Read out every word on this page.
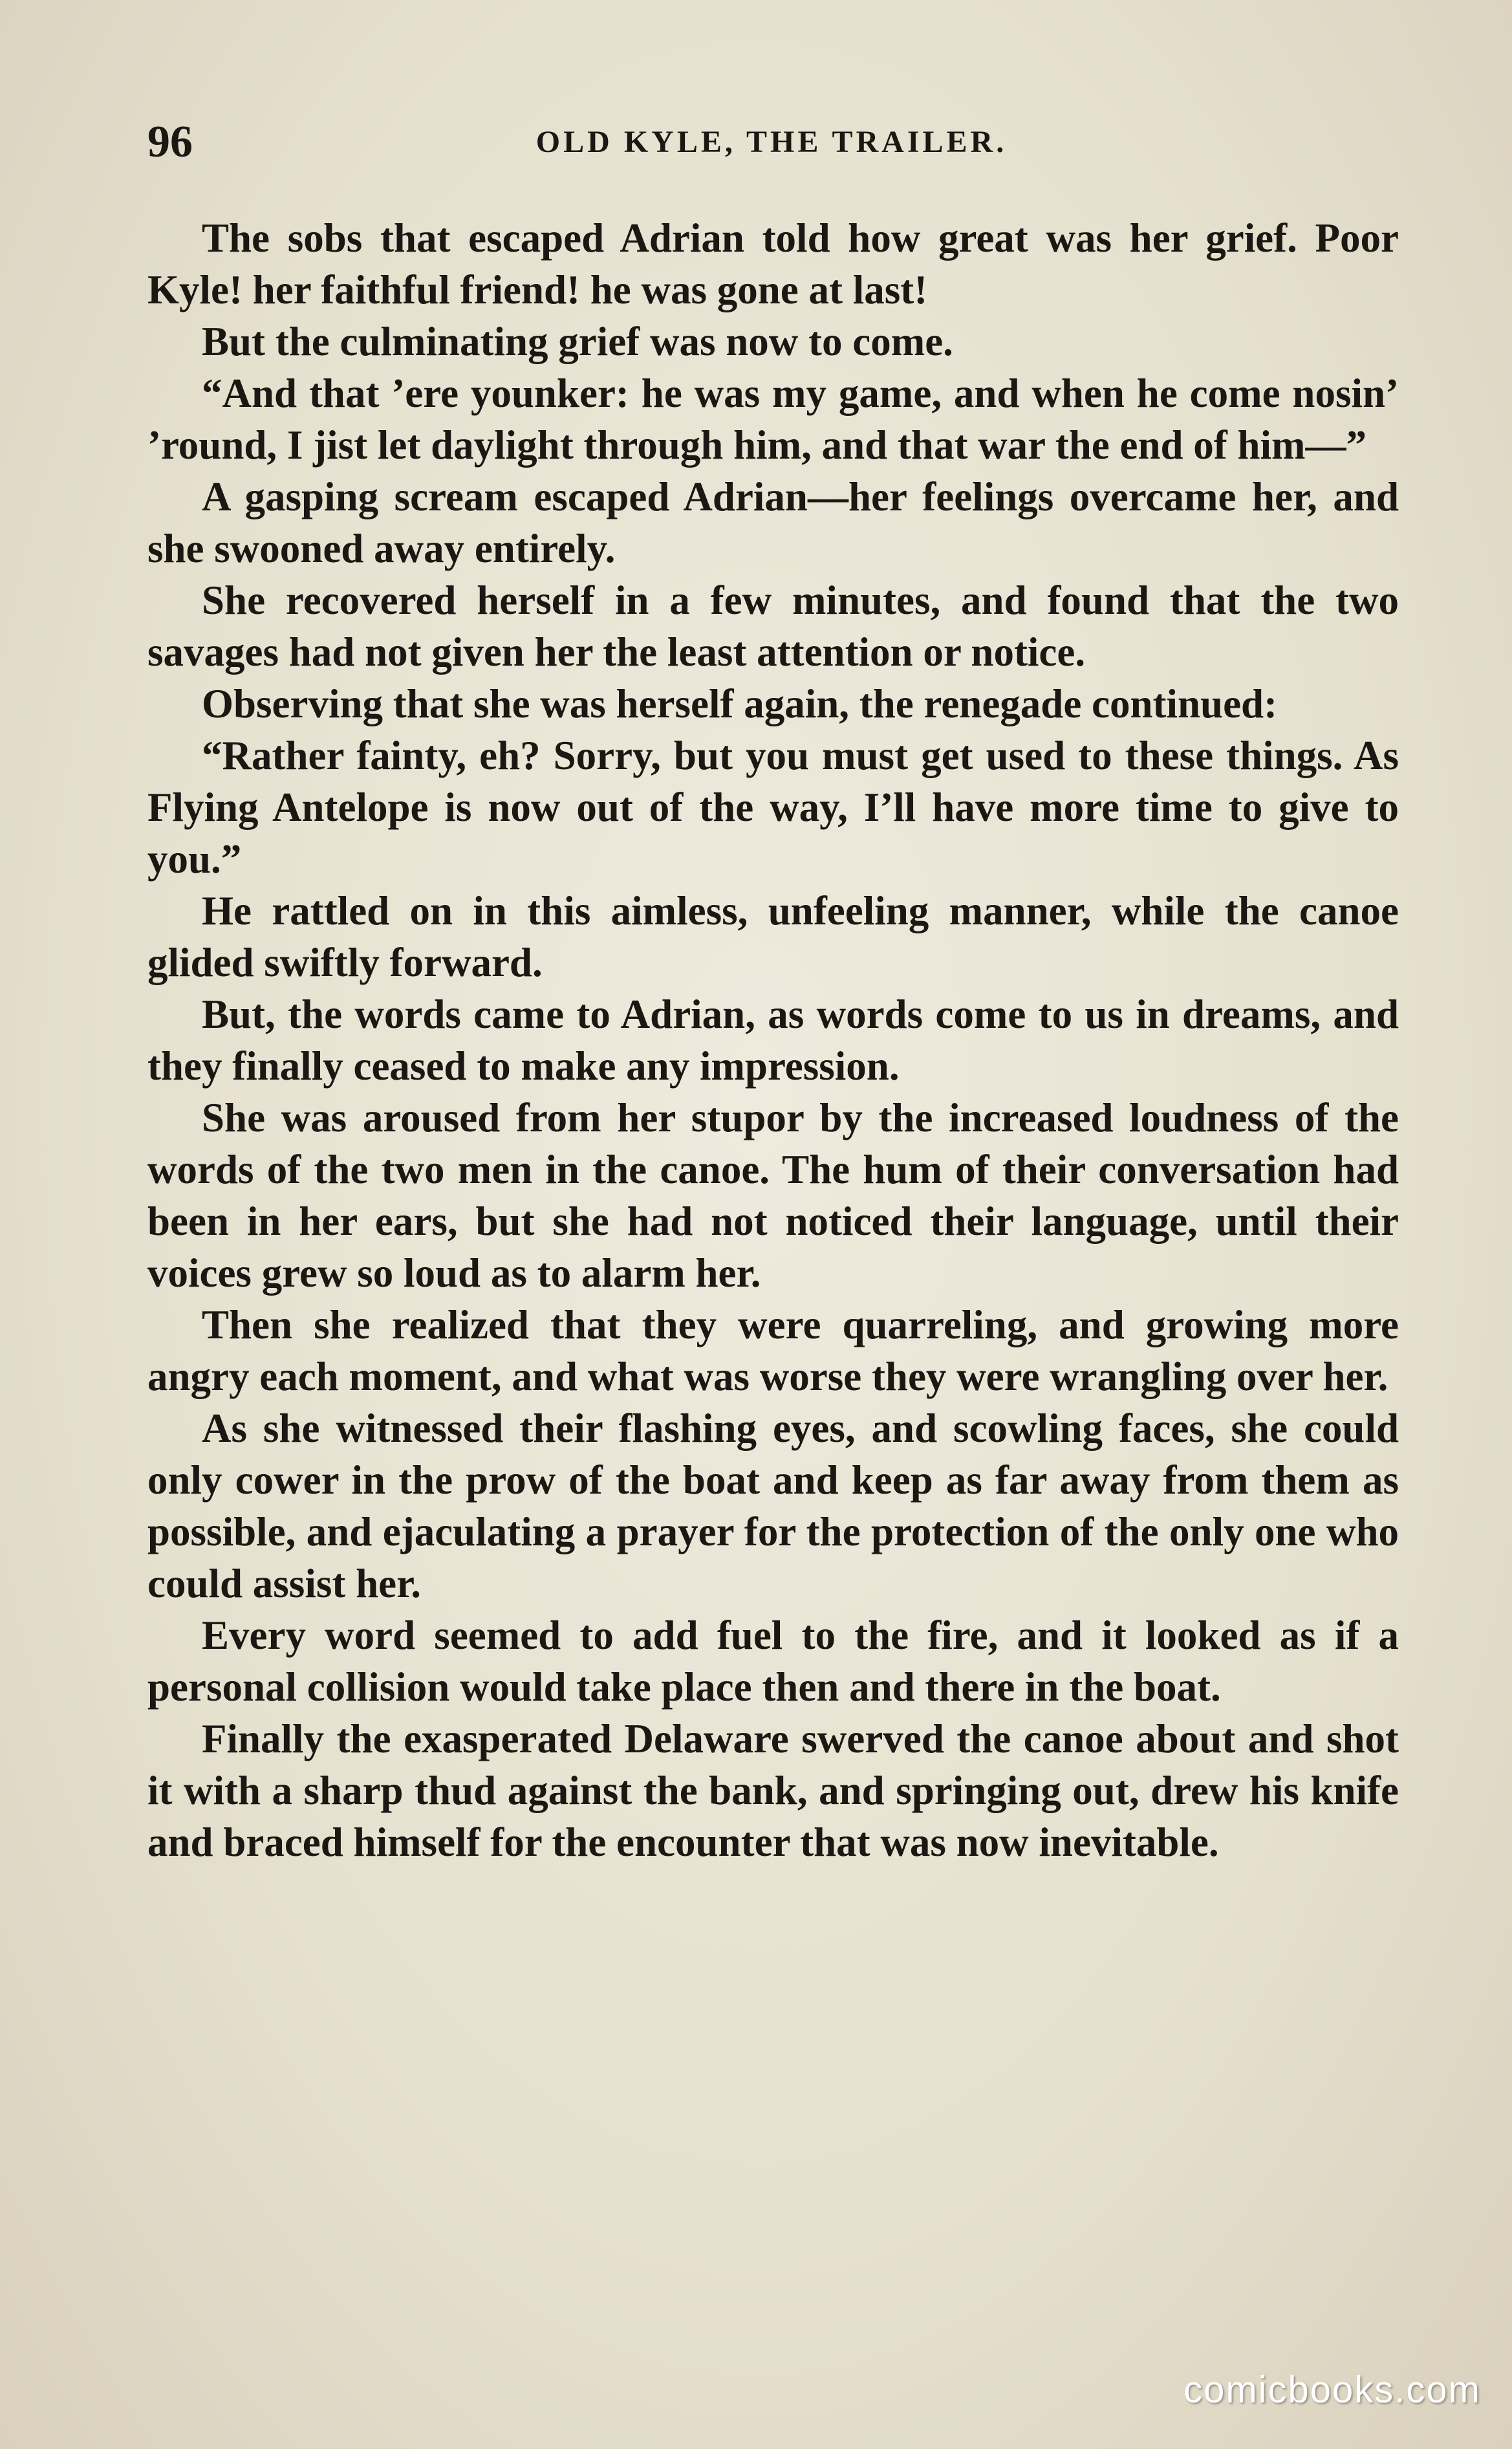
96	OLD KYLE, THE TRAILER.

The sobs that escaped Adrian told how great was her grief. Poor Kyle! her faithful friend! he was gone at last!

But the culminating grief was now to come.

“And that ’ere younker: he was my game, and when he come nosin’ ’round, I jist let daylight through him, and that war the end of him—”

A gasping scream escaped Adrian—her feelings overcame her, and she swooned away entirely.

She recovered herself in a few minutes, and found that the two savages had not given her the least attention or notice.

Observing that she was herself again, the renegade continued:

“Rather fainty, eh? Sorry, but you must get used to these things. As Flying Antelope is now out of the way, I’ll have more time to give to you.”

He rattled on in this aimless, unfeeling manner, while the canoe glided swiftly forward.

But, the words came to Adrian, as words come to us in dreams, and they finally ceased to make any impression.

She was aroused from her stupor by the increased loudness of the words of the two men in the canoe. The hum of their conversation had been in her ears, but she had not noticed their language, until their voices grew so loud as to alarm her.

Then she realized that they were quarreling, and growing more angry each moment, and what was worse they were wrangling over her.

As she witnessed their flashing eyes, and scowling faces, she could only cower in the prow of the boat and keep as far away from them as possible, and ejaculating a prayer for the protection of the only one who could assist her.

Every word seemed to add fuel to the fire, and it looked as if a personal collision would take place then and there in the boat.

Finally the exasperated Delaware swerved the canoe about and shot it with a sharp thud against the bank, and springing out, drew his knife and braced himself for the encounter that was now inevitable.

comicbooks.com
